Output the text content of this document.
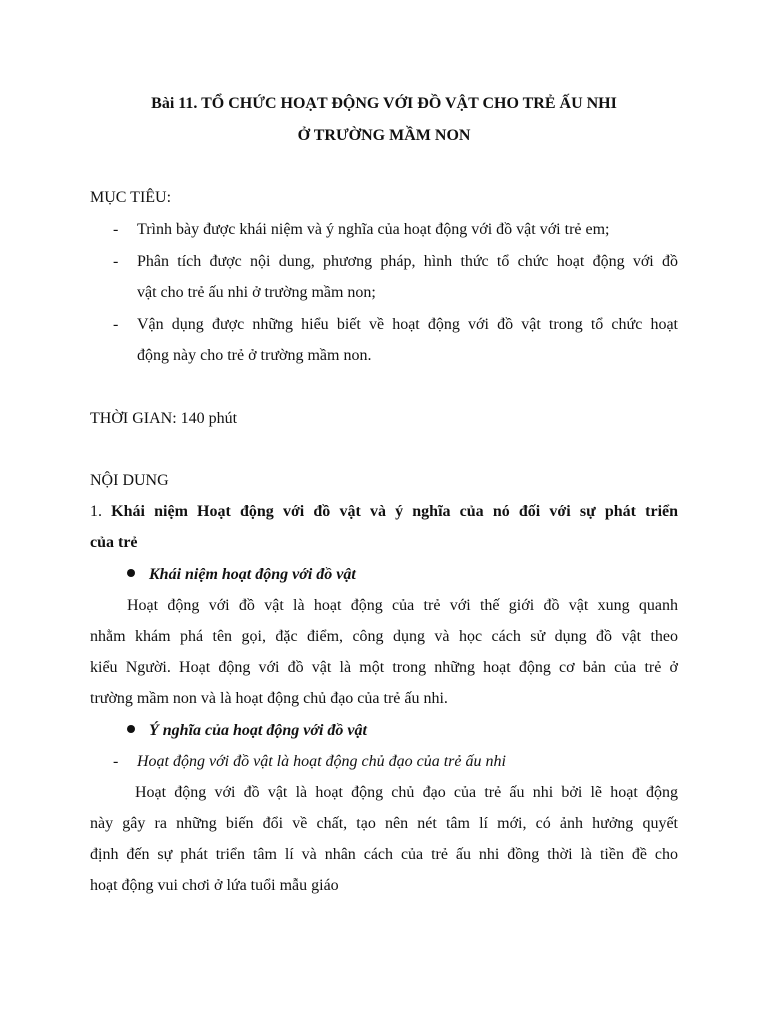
Bài 11. TỔ CHỨC HOẠT ĐỘNG VỚI ĐỒ VẬT CHO TRẺ ẤU NHI
Ở TRƯỜNG MẦM NON
MỤC TIÊU:
- Trình bày được khái niệm và ý nghĩa của hoạt động với đồ vật với trẻ em;
- Phân tích được nội dung, phương pháp, hình thức tổ chức hoạt động với đồ
vật cho trẻ ấu nhi ở trường mầm non;
- Vận dụng được những hiểu biết về hoạt động với đồ vật trong tổ chức hoạt
động này cho trẻ ở trường mầm non.
THỜI GIAN: 140 phút
NỘI DUNG
1. Khái niệm Hoạt động với đồ vật và ý nghĩa của nó đối với sự phát triển
của trẻ
Khái niệm hoạt động với đồ vật
Hoạt động với đồ vật là hoạt động của trẻ với thế giới đồ vật xung quanh
nhằm khám phá tên gọi, đặc điểm, công dụng và học cách sử dụng đồ vật theo
kiểu Người. Hoạt động với đồ vật là một trong những hoạt động cơ bản của trẻ ở
trường mầm non và là hoạt động chủ đạo của trẻ ấu nhi.
Ý nghĩa của hoạt động với đồ vật
- Hoạt động với đồ vật là hoạt động chủ đạo của trẻ ấu nhi
Hoạt động với đồ vật là hoạt động chủ đạo của trẻ ấu nhi bởi lẽ hoạt động
này gây ra những biến đổi về chất, tạo nên nét tâm lí mới, có ảnh hưởng quyết
định đến sự phát triển tâm lí và nhân cách của trẻ ấu nhi đồng thời là tiền đề cho
hoạt động vui chơi ở lứa tuổi mẫu giáo
